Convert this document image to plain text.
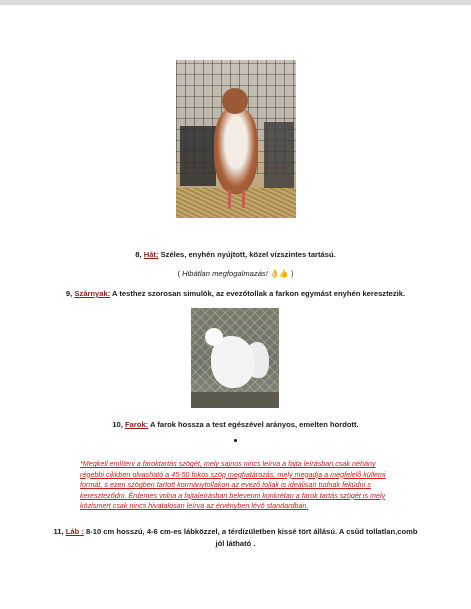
8, Hát: Széles, enyhén nyújtott, közel vízszintes tartású.
( Hibátlan megfogalmazás! 👌👍 )
9, Szárnyak: A testhez szorosan simulók, az evezőtollak a farkon egymást enyhén keresztezik.
10, Farok: A farok hossza a test egészével arányos, emelten hordott.
*Megkell említeni a faroktartás szögét, mely sajnos nincs leírva a fajta leírásban,csak néhány
régebbi cikkben olvasható a 45-50 fokos szög meghatározás, mely megadja a megfelelő küllemi
formát, s ezen szögben tartott kormánytollakon az evező tollak is ideálisan tudnak feküdni s
kereszteződni. Érdemes volna a fajtaleírásban belevenni konkrétan a farok tartás szögét is mely
közismert csak nincs hivatalosan leírva az érvényben lévő standardban.
11, Láb : 8-10 cm hosszú, 4-6 cm-es lábközzel, a térdízületben kissé tört állású. A csűd tollatlan,comb
jól látható .
